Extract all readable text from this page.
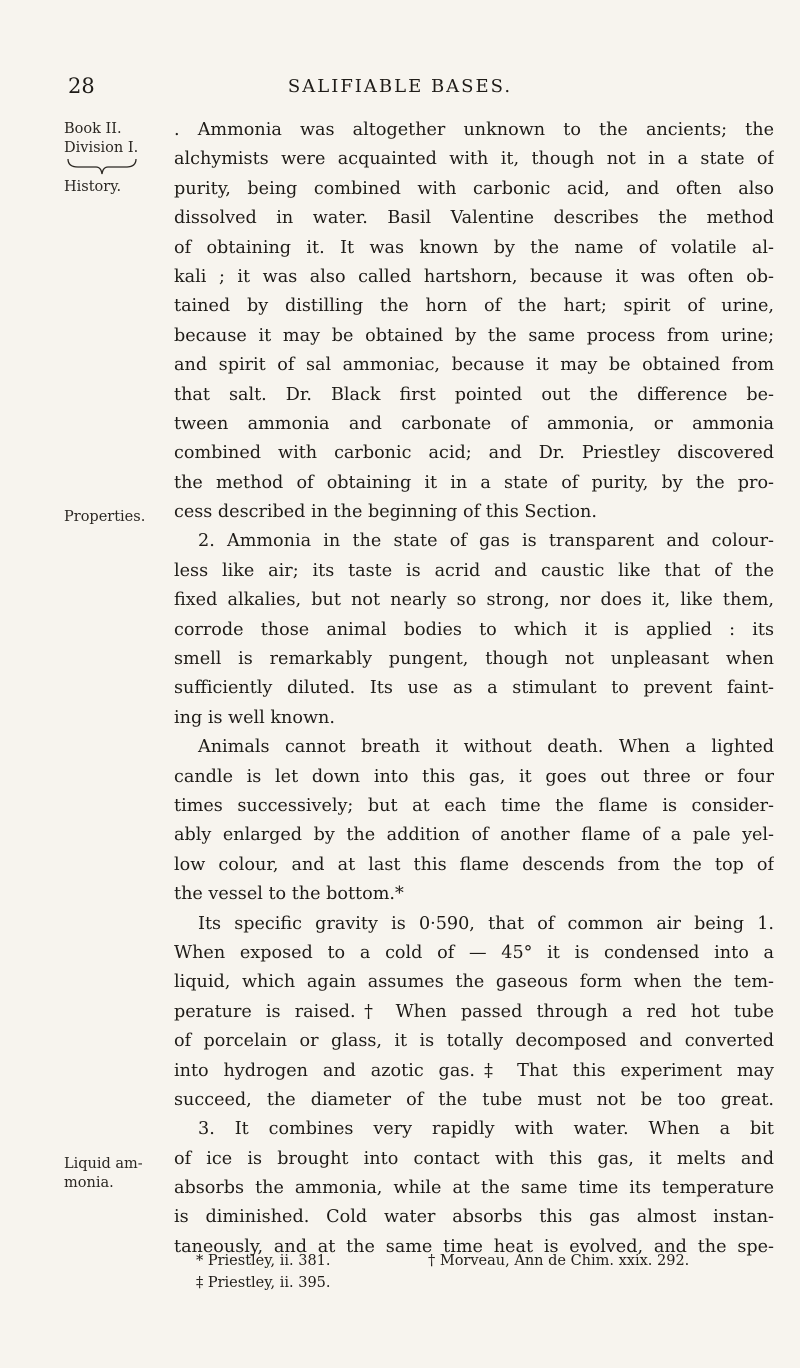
28	SALIFIABLE BASES.
Book II.
Division I.
History.
Properties.
Liquid am-
monia.
. Ammonia was altogether unknown to the ancients; the
alchymists were acquainted with it, though not in a state of
purity, being combined with carbonic acid, and often also
dissolved in water. Basil Valentine describes the method
of obtaining it. It was known by the name of volatile al-
kali ; it was also called hartshorn, because it was often ob-
tained by distilling the horn of the hart; spirit of urine,
because it may be obtained by the same process from urine;
and spirit of sal ammoniac, because it may be obtained from
that salt. Dr. Black first pointed out the difference be-
tween ammonia and carbonate of ammonia, or ammonia
combined with carbonic acid; and Dr. Priestley discovered
the method of obtaining it in a state of purity, by the pro-
cess described in the beginning of this Section.
2. Ammonia in the state of gas is transparent and colour-
less like air; its taste is acrid and caustic like that of the
fixed alkalies, but not nearly so strong, nor does it, like them,
corrode those animal bodies to which it is applied : its
smell is remarkably pungent, though not unpleasant when
sufficiently diluted. Its use as a stimulant to prevent faint-
ing is well known.
Animals cannot breath it without death. When a lighted
candle is let down into this gas, it goes out three or four
times successively; but at each time the flame is consider-
ably enlarged by the addition of another flame of a pale yel-
low colour, and at last this flame descends from the top of
the vessel to the bottom.*
Its specific gravity is 0·590, that of common air being 1.
When exposed to a cold of — 45° it is condensed into a
liquid, which again assumes the gaseous form when the tem-
perature is raised.† When passed through a red hot tube
of porcelain or glass, it is totally decomposed and converted
into hydrogen and azotic gas.‡ That this experiment may
succeed, the diameter of the tube must not be too great.
3. It combines very rapidly with water. When a bit
of ice is brought into contact with this gas, it melts and
absorbs the ammonia, while at the same time its temperature
is diminished. Cold water absorbs this gas almost instan-
taneously, and at the same time heat is evolved, and the spe-
* Priestley, ii. 381.	† Morveau, Ann de Chim. xxix. 292.
‡ Priestley, ii. 395.
